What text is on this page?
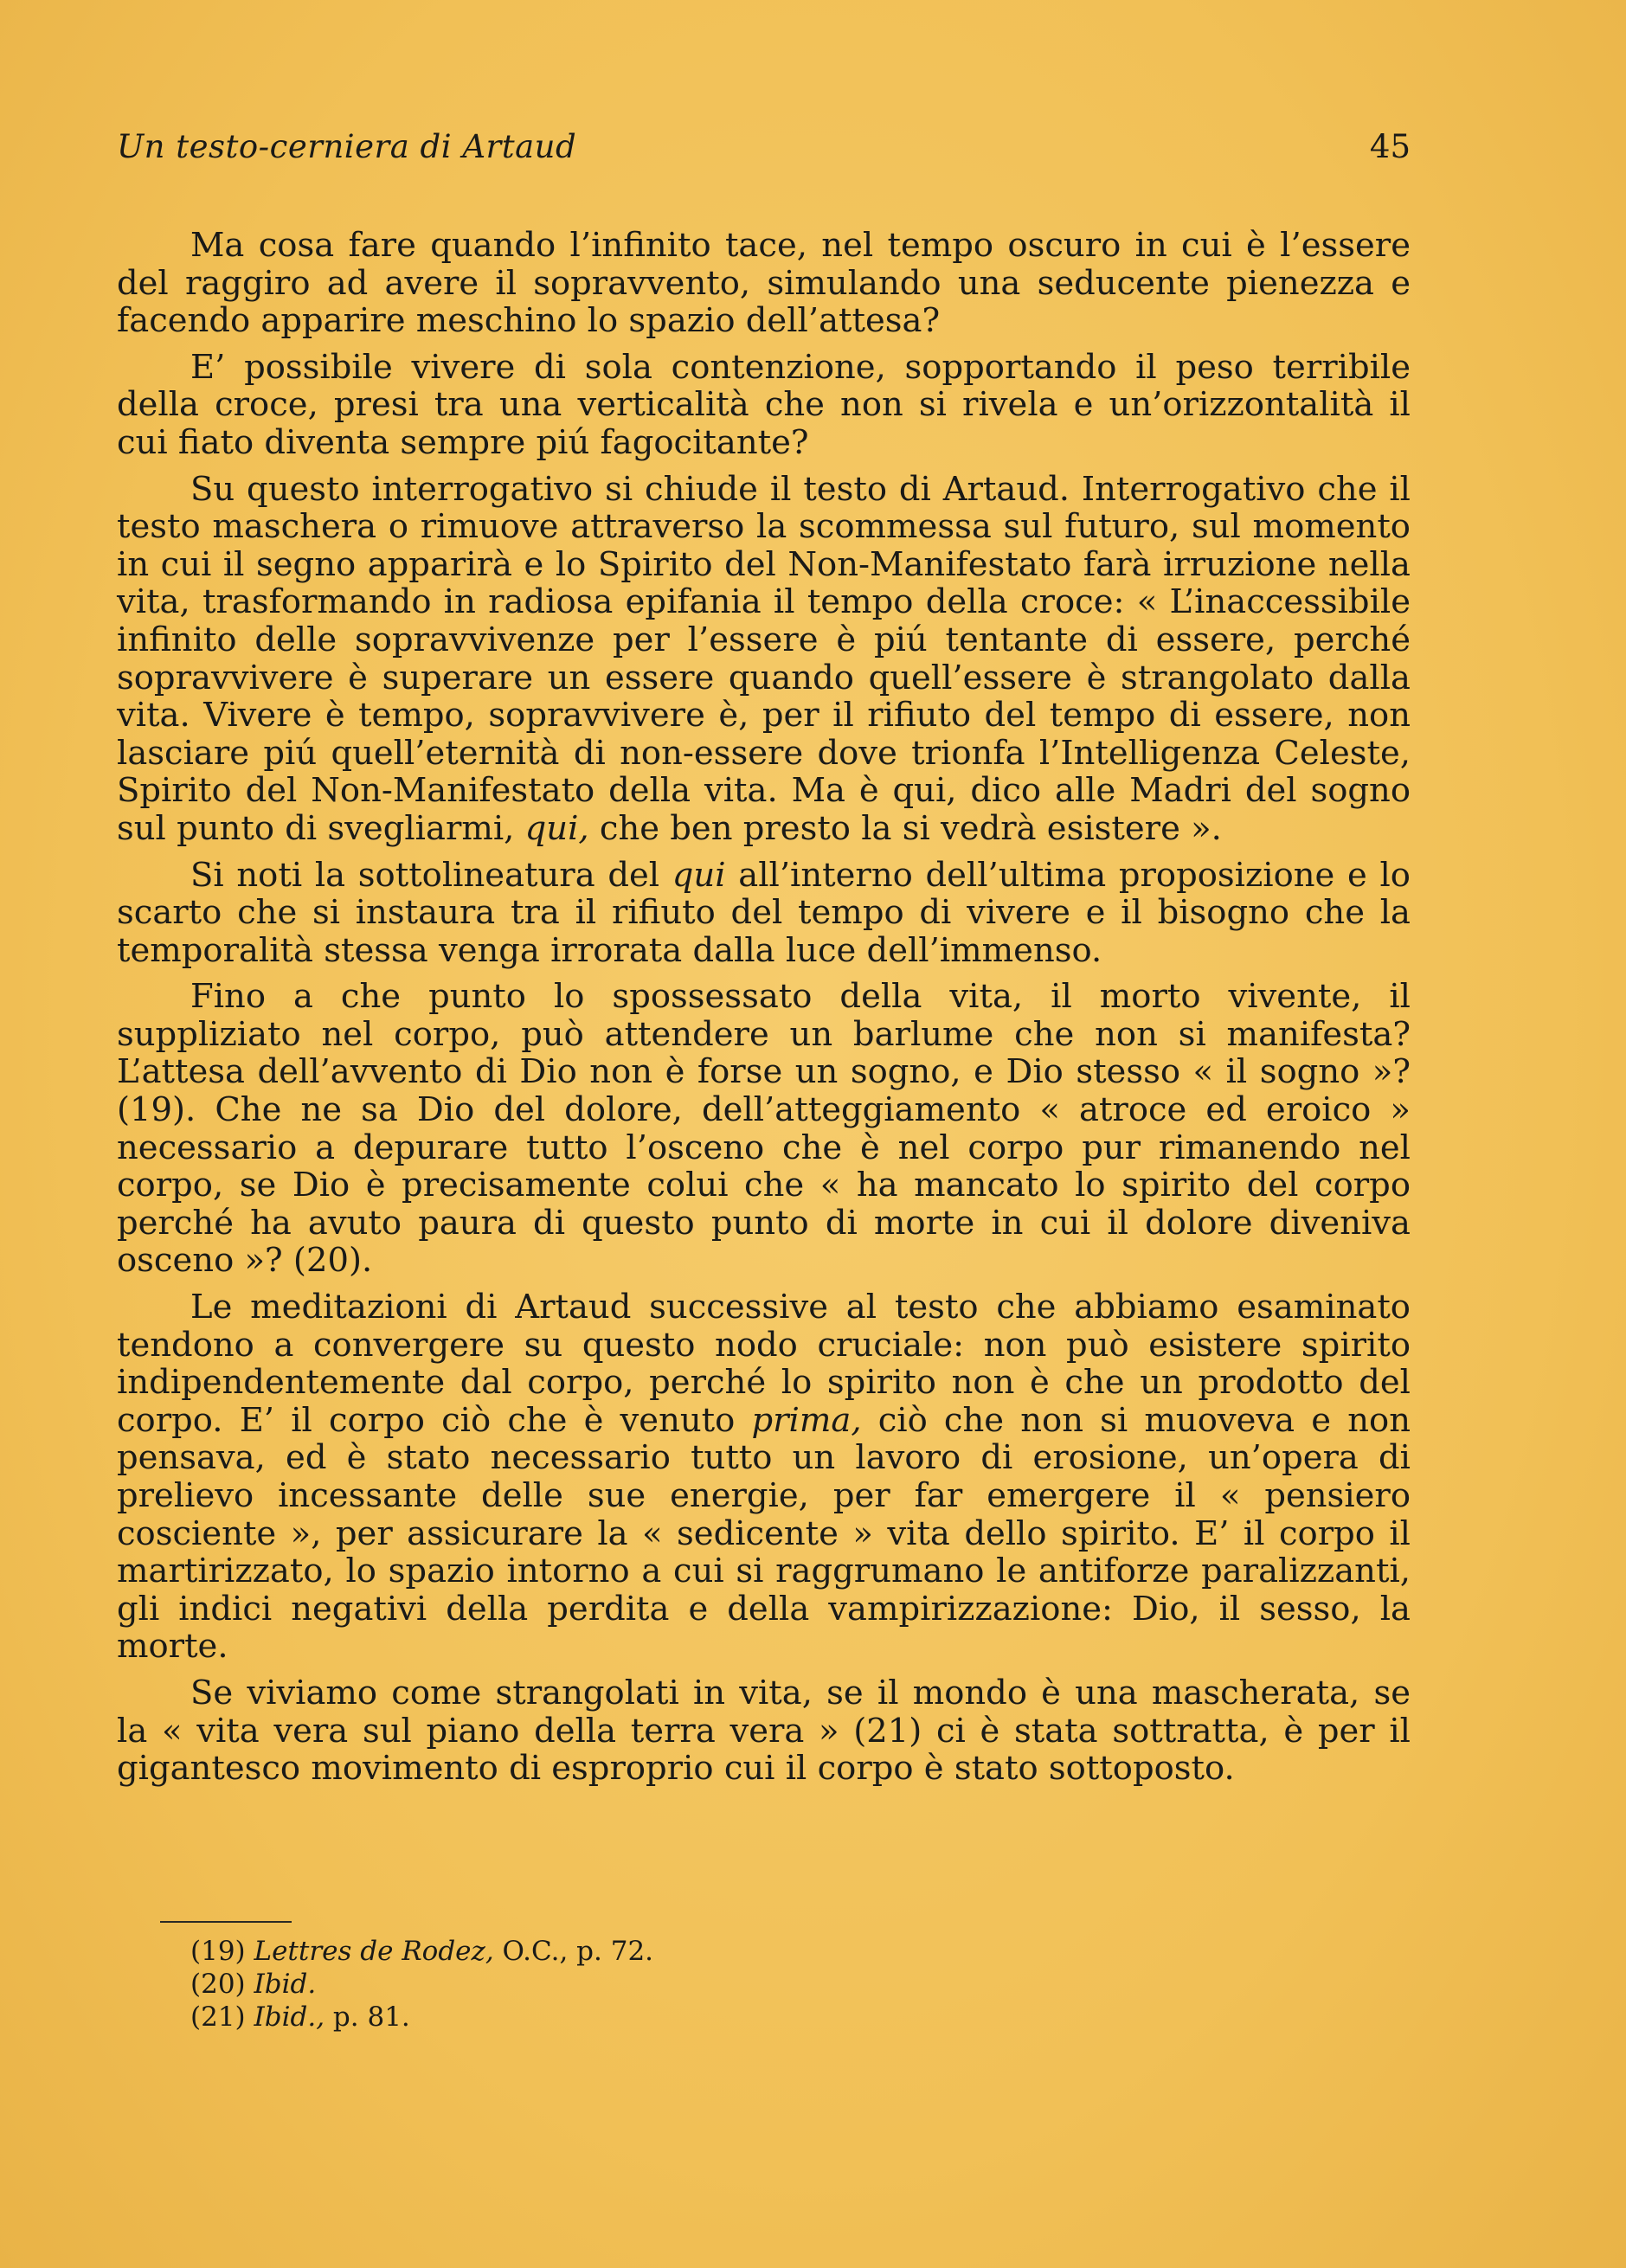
Un testo-cerniera di Artaud	45

Ma cosa fare quando l’infinito tace, nel tempo oscuro in cui è l’essere del raggiro ad avere il sopravvento, simulando una seducente pienezza e facendo apparire meschino lo spazio dell’attesa?

E’ possibile vivere di sola contenzione, sopportando il peso terribile della croce, presi tra una verticalità che non si rivela e un’orizzontalità il cui fiato diventa sempre piú fagocitante?

Su questo interrogativo si chiude il testo di Artaud. Interrogativo che il testo maschera o rimuove attraverso la scommessa sul futuro, sul momento in cui il segno apparirà e lo Spirito del Non-Manifestato farà irruzione nella vita, trasformando in radiosa epifania il tempo della croce: « L’inaccessibile infinito delle sopravvivenze per l’essere è piú tentante di essere, perché sopravvivere è superare un essere quando quell’essere è strangolato dalla vita. Vivere è tempo, sopravvivere è, per il rifiuto del tempo di essere, non lasciare piú quell’eternità di non-essere dove trionfa l’Intelligenza Celeste, Spirito del Non-Manifestato della vita. Ma è qui, dico alle Madri del sogno sul punto di svegliarmi, qui, che ben presto la si vedrà esistere ».

Si noti la sottolineatura del qui all’interno dell’ultima proposizione e lo scarto che si instaura tra il rifiuto del tempo di vivere e il bisogno che la temporalità stessa venga irrorata dalla luce dell’immenso.

Fino a che punto lo spossessato della vita, il morto vivente, il suppliziato nel corpo, può attendere un barlume che non si manifesta? L’attesa dell’avvento di Dio non è forse un sogno, e Dio stesso « il sogno »? (19). Che ne sa Dio del dolore, dell’atteggiamento « atroce ed eroico » necessario a depurare tutto l’osceno che è nel corpo pur rimanendo nel corpo, se Dio è precisamente colui che « ha mancato lo spirito del corpo perché ha avuto paura di questo punto di morte in cui il dolore diveniva osceno »? (20).

Le meditazioni di Artaud successive al testo che abbiamo esaminato tendono a convergere su questo nodo cruciale: non può esistere spirito indipendentemente dal corpo, perché lo spirito non è che un prodotto del corpo. E’ il corpo ciò che è venuto prima, ciò che non si muoveva e non pensava, ed è stato necessario tutto un lavoro di erosione, un’opera di prelievo incessante delle sue energie, per far emergere il « pensiero cosciente », per assicurare la « sedicente » vita dello spirito. E’ il corpo il martirizzato, lo spazio intorno a cui si raggrumano le antiforze paralizzanti, gli indici negativi della perdita e della vampirizzazione: Dio, il sesso, la morte.

Se viviamo come strangolati in vita, se il mondo è una mascherata, se la « vita vera sul piano della terra vera » (21) ci è stata sottratta, è per il gigantesco movimento di esproprio cui il corpo è stato sottoposto.

(19) Lettres de Rodez, O.C., p. 72.
(20) Ibid.
(21) Ibid., p. 81.
